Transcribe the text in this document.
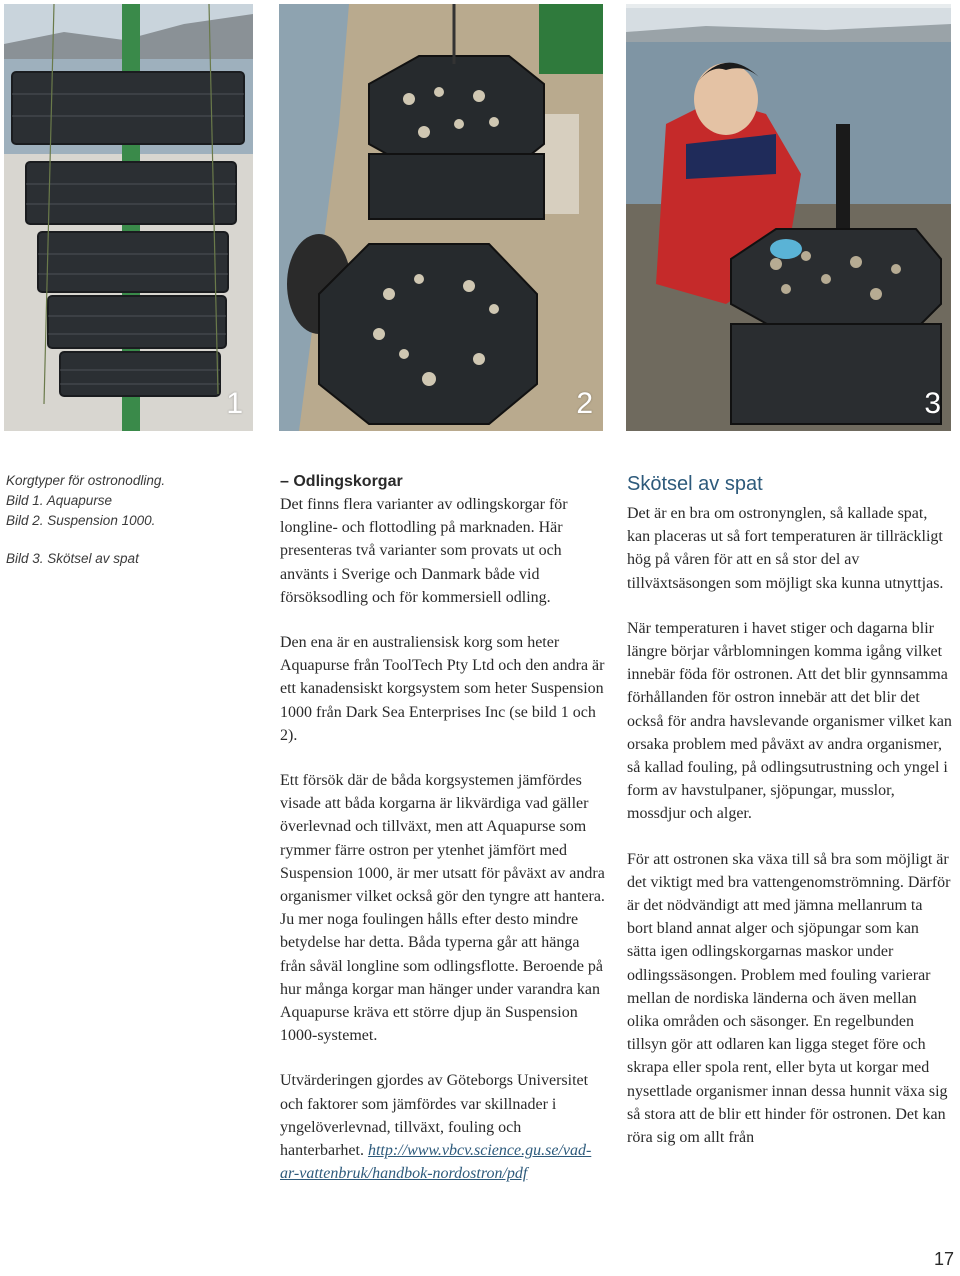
1	2	3
Korgtyper för ostronodling.
Bild 1. Aquapurse
Bild 2. Suspension 1000.
Bild 3. Skötsel av spat
– Odlingskorgar

Det finns flera varianter av odlingskorgar för longline- och flottodling på marknaden. Här presenteras två varianter som provats ut och använts i Sverige och Danmark både vid försöksodling och för kommersiell odling.

Den ena är en australiensisk korg som heter Aquapurse från ToolTech Pty Ltd och den andra är ett kanadensiskt korgsystem som heter Suspension 1000 från Dark Sea Enterprises Inc (se bild 1 och 2).

Ett försök där de båda korgsystemen jämfördes visade att båda korgarna är likvärdiga vad gäller överlevnad och tillväxt, men att Aquapurse som rymmer färre ostron per ytenhet jämfört med Suspension 1000, är mer utsatt för påväxt av andra organismer vilket också gör den tyngre att hantera. Ju mer noga foulingen hålls efter desto mindre betydelse har detta. Båda typerna går att hänga från såväl longline som odlingsflotte. Beroende på hur många korgar man hänger under varandra kan Aquapurse kräva ett större djup än Suspension 1000-systemet.

Utvärderingen gjordes av Göteborgs Universitet och faktorer som jämfördes var skillnader i yngelöverlevnad, tillväxt, fouling och hanterbarhet. http://www.vbcv.science.gu.se/vad-ar-vattenbruk/handbok-nordostron/pdf

Skötsel av spat

Det är en bra om ostronynglen, så kallade spat, kan placeras ut så fort temperaturen är tillräckligt hög på våren för att en så stor del av tillväxtsäsongen som möjligt ska kunna utnyttjas.

När temperaturen i havet stiger och dagarna blir längre börjar vårblomningen komma igång vilket innebär föda för ostronen. Att det blir gynnsamma förhållanden för ostron innebär att det blir det också för andra havslevande organismer vilket kan orsaka problem med påväxt av andra organismer, så kallad fouling, på odlingsutrustning och yngel i form av havstulpaner, sjöpungar, musslor, mossdjur och alger.

För att ostronen ska växa till så bra som möjligt är det viktigt med bra vattengenomströmning. Därför är det nödvändigt att med jämna mellanrum ta bort bland annat alger och sjöpungar som kan sätta igen odlingskorgarnas maskor under odlingssäsongen. Problem med fouling varierar mellan de nordiska länderna och även mellan olika områden och säsonger. En regelbunden tillsyn gör att odlaren kan ligga steget före och skrapa eller spola rent, eller byta ut korgar med nysettlade organismer innan dessa hunnit växa sig så stora att de blir ett hinder för ostronen. Det kan röra sig om allt från

17
